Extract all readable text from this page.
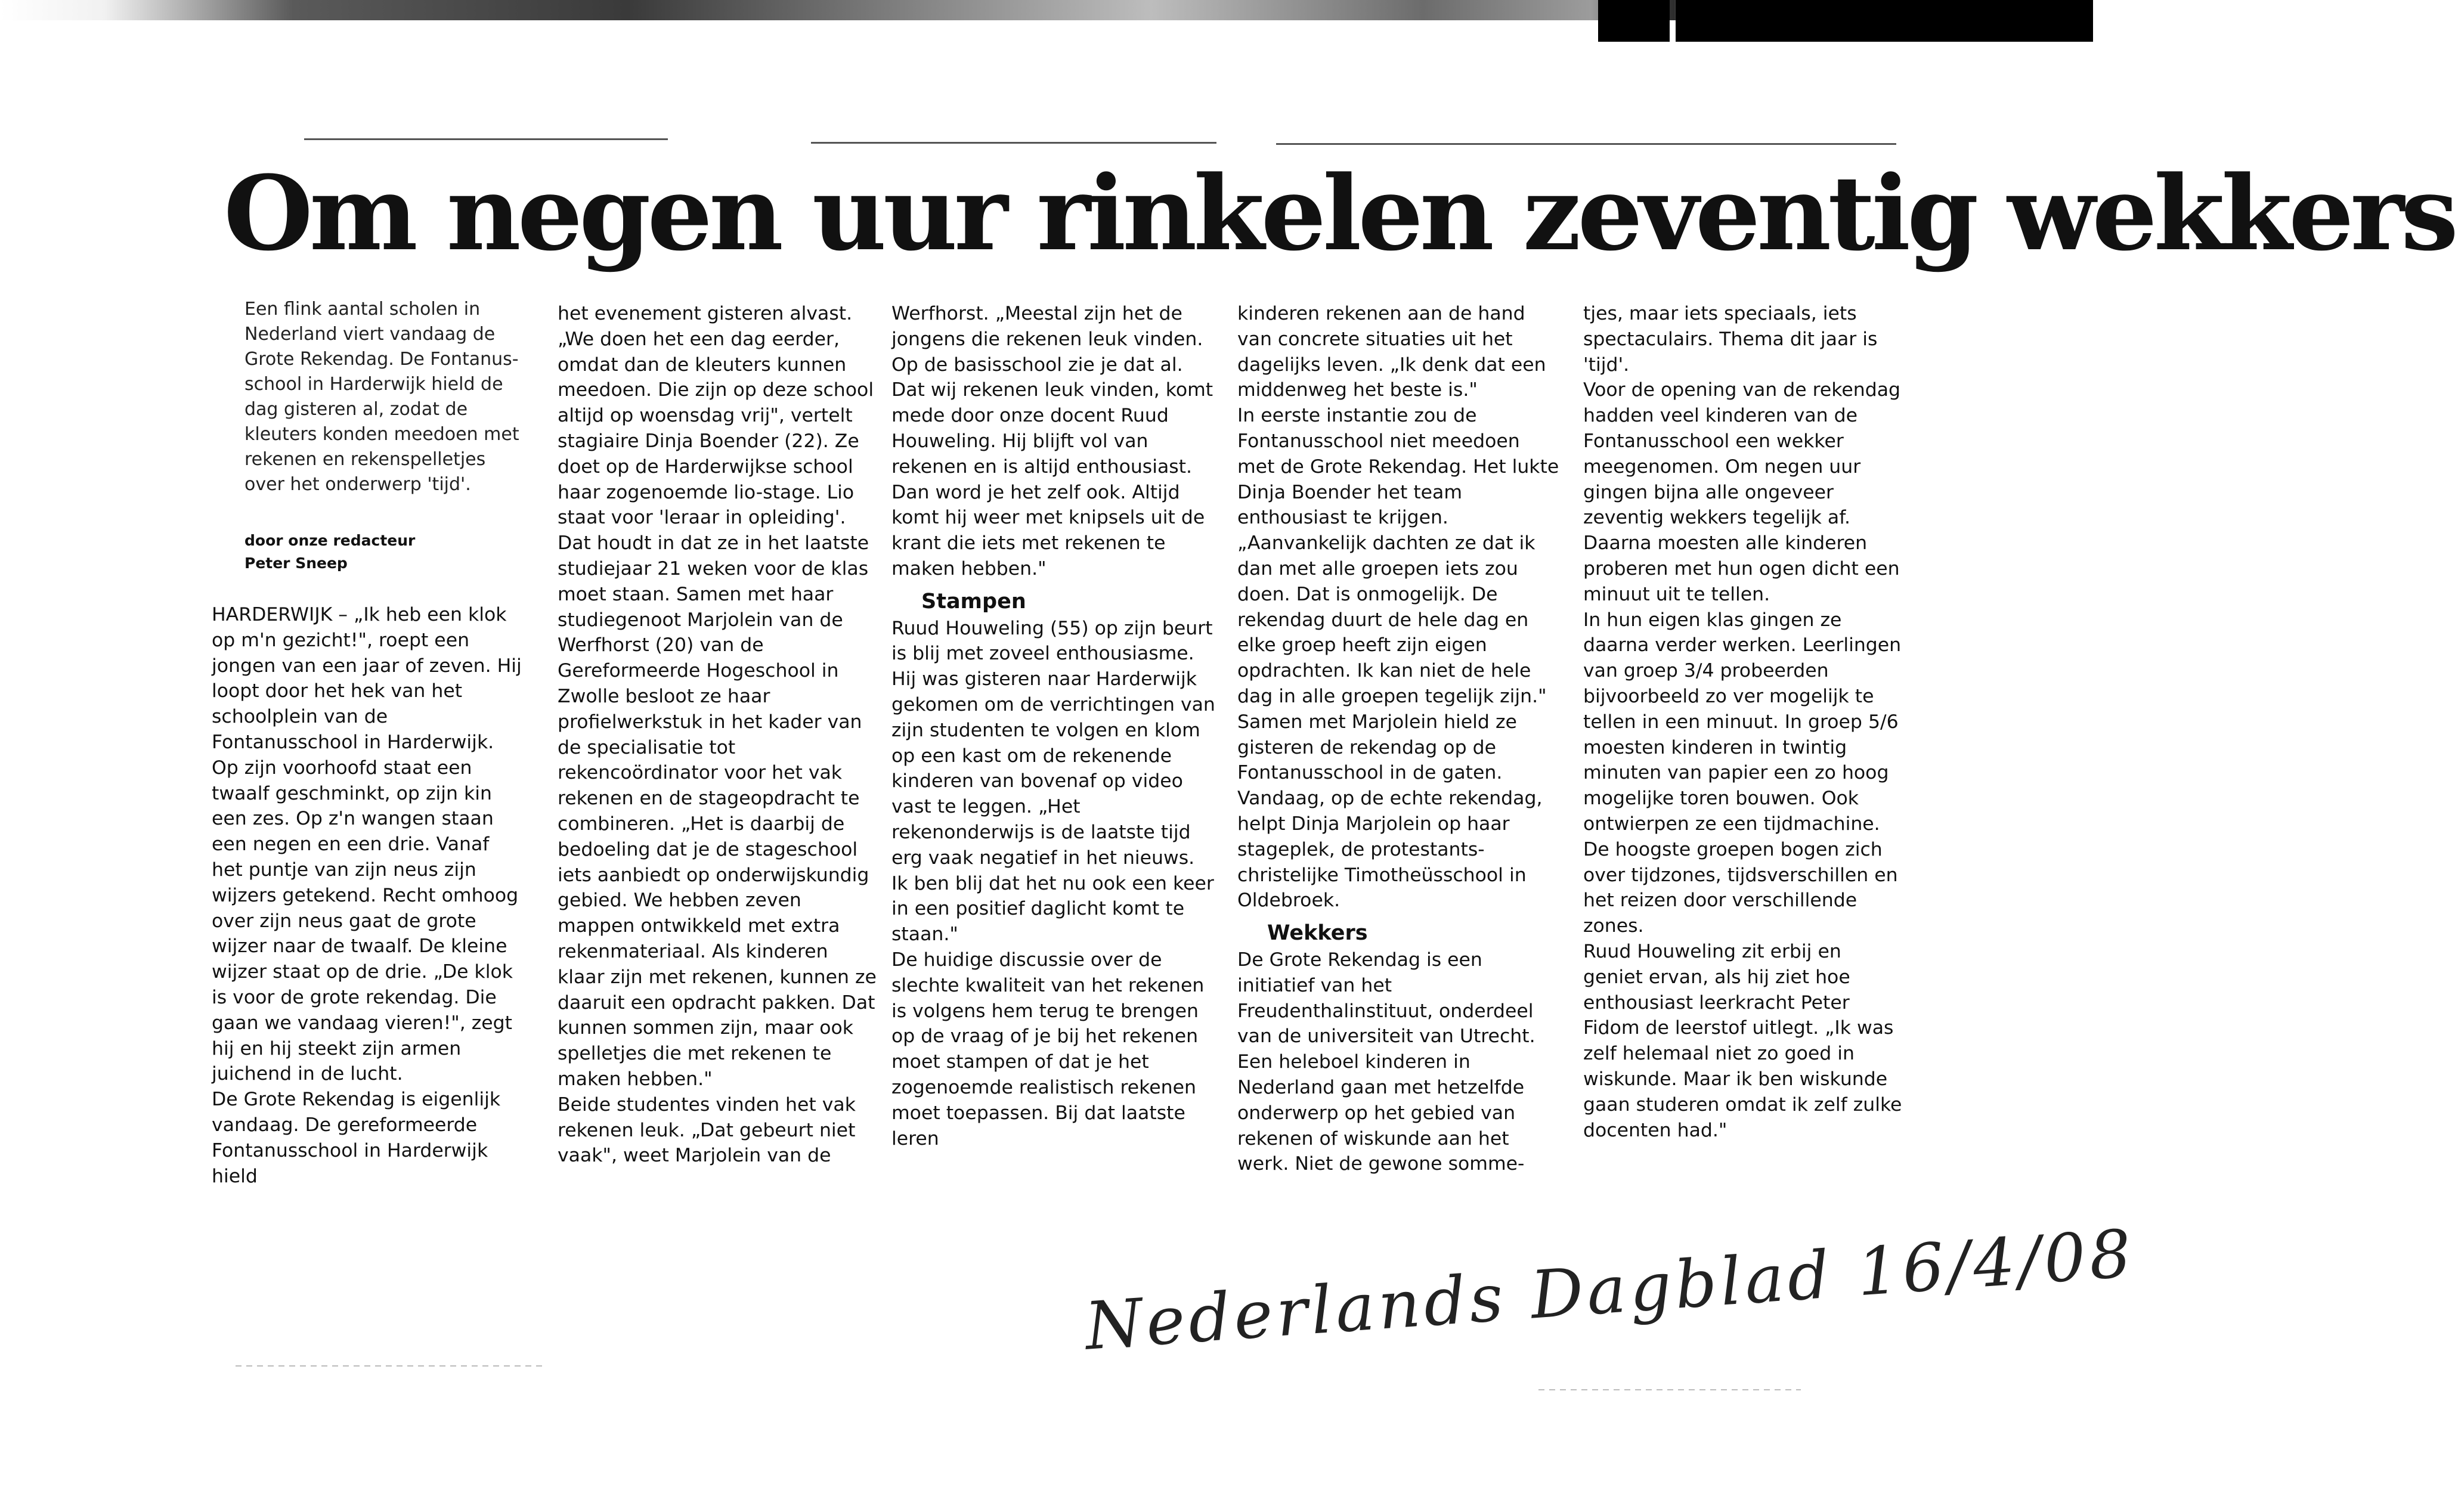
Om negen uur rinkelen zeventig wekkers
Een flink aantal scholen in Nederland viert vandaag de Grote Rekendag. De Fontanus-school in Harderwijk hield de dag gisteren al, zodat de kleuters konden meedoen met rekenen en rekenspelletjes over het onderwerp 'tijd'.
door onze redacteur
Peter Sneep

HARDERWIJK – „Ik heb een klok op m'n gezicht!", roept een jongen van een jaar of zeven. Hij loopt door het hek van het schoolplein van de Fontanusschool in Harderwijk. Op zijn voorhoofd staat een twaalf geschminkt, op zijn kin een zes. Op z'n wangen staan een negen en een drie. Vanaf het puntje van zijn neus zijn wijzers getekend. Recht omhoog over zijn neus gaat de grote wijzer naar de twaalf. De kleine wijzer staat op de drie. „De klok is voor de grote rekendag. Die gaan we vandaag vieren!", zegt hij en hij steekt zijn armen juichend in de lucht.

De Grote Rekendag is eigenlijk vandaag. De gereformeerde Fontanusschool in Harderwijk hield

het evenement gisteren alvast. „We doen het een dag eerder, omdat dan de kleuters kunnen meedoen. Die zijn op deze school altijd op woensdag vrij", vertelt stagiaire Dinja Boender (22). Ze doet op de Harderwijkse school haar zogenoemde lio-stage. Lio staat voor 'leraar in opleiding'. Dat houdt in dat ze in het laatste studiejaar 21 weken voor de klas moet staan. Samen met haar studiegenoot Marjolein van de Werfhorst (20) van de Gereformeerde Hogeschool in Zwolle besloot ze haar profielwerkstuk in het kader van de specialisatie tot rekencoördinator voor het vak rekenen en de stageopdracht te combineren. „Het is daarbij de bedoeling dat je de stageschool iets aanbiedt op onderwijskundig gebied. We hebben zeven mappen ontwikkeld met extra rekenmateriaal. Als kinderen klaar zijn met rekenen, kunnen ze daaruit een opdracht pakken. Dat kunnen sommen zijn, maar ook spelletjes die met rekenen te maken hebben."

Beide studentes vinden het vak rekenen leuk. „Dat gebeurt niet vaak", weet Marjolein van de

Werfhorst. „Meestal zijn het de jongens die rekenen leuk vinden. Op de basisschool zie je dat al. Dat wij rekenen leuk vinden, komt mede door onze docent Ruud Houweling. Hij blijft vol van rekenen en is altijd enthousiast. Dan word je het zelf ook. Altijd komt hij weer met knipsels uit de krant die iets met rekenen te maken hebben."

Stampen

Ruud Houweling (55) op zijn beurt is blij met zoveel enthousiasme. Hij was gisteren naar Harderwijk gekomen om de verrichtingen van zijn studenten te volgen en klom op een kast om de rekenende kinderen van bovenaf op video vast te leggen. „Het rekenonderwijs is de laatste tijd erg vaak negatief in het nieuws. Ik ben blij dat het nu ook een keer in een positief daglicht komt te staan."

De huidige discussie over de slechte kwaliteit van het rekenen is volgens hem terug te brengen op de vraag of je bij het rekenen moet stampen of dat je het zogenoemde realistisch rekenen moet toepassen. Bij dat laatste leren

kinderen rekenen aan de hand van concrete situaties uit het dagelijks leven. „Ik denk dat een middenweg het beste is."

In eerste instantie zou de Fontanusschool niet meedoen met de Grote Rekendag. Het lukte Dinja Boender het team enthousiast te krijgen. „Aanvankelijk dachten ze dat ik dan met alle groepen iets zou doen. Dat is onmogelijk. De rekendag duurt de hele dag en elke groep heeft zijn eigen opdrachten. Ik kan niet de hele dag in alle groepen tegelijk zijn."

Samen met Marjolein hield ze gisteren de rekendag op de Fontanusschool in de gaten. Vandaag, op de echte rekendag, helpt Dinja Marjolein op haar stageplek, de protestants-christelijke Timotheüsschool in Oldebroek.

Wekkers

De Grote Rekendag is een initiatief van het Freudenthalinstituut, onderdeel van de universiteit van Utrecht. Een heleboel kinderen in Nederland gaan met hetzelfde onderwerp op het gebied van rekenen of wiskunde aan het werk. Niet de gewone somme-

tjes, maar iets speciaals, iets spectaculairs. Thema dit jaar is 'tijd'.

Voor de opening van de rekendag hadden veel kinderen van de Fontanusschool een wekker meegenomen. Om negen uur gingen bijna alle ongeveer zeventig wekkers tegelijk af. Daarna moesten alle kinderen proberen met hun ogen dicht een minuut uit te tellen.

In hun eigen klas gingen ze daarna verder werken. Leerlingen van groep 3/4 probeerden bijvoorbeeld zo ver mogelijk te tellen in een minuut. In groep 5/6 moesten kinderen in twintig minuten van papier een zo hoog mogelijke toren bouwen. Ook ontwierpen ze een tijdmachine. De hoogste groepen bogen zich over tijdzones, tijdsverschillen en het reizen door verschillende zones.

Ruud Houweling zit erbij en geniet ervan, als hij ziet hoe enthousiast leerkracht Peter Fidom de leerstof uitlegt. „Ik was zelf helemaal niet zo goed in wiskunde. Maar ik ben wiskunde gaan studeren omdat ik zelf zulke docenten had."

Nederlands Dagblad 16/4/08
